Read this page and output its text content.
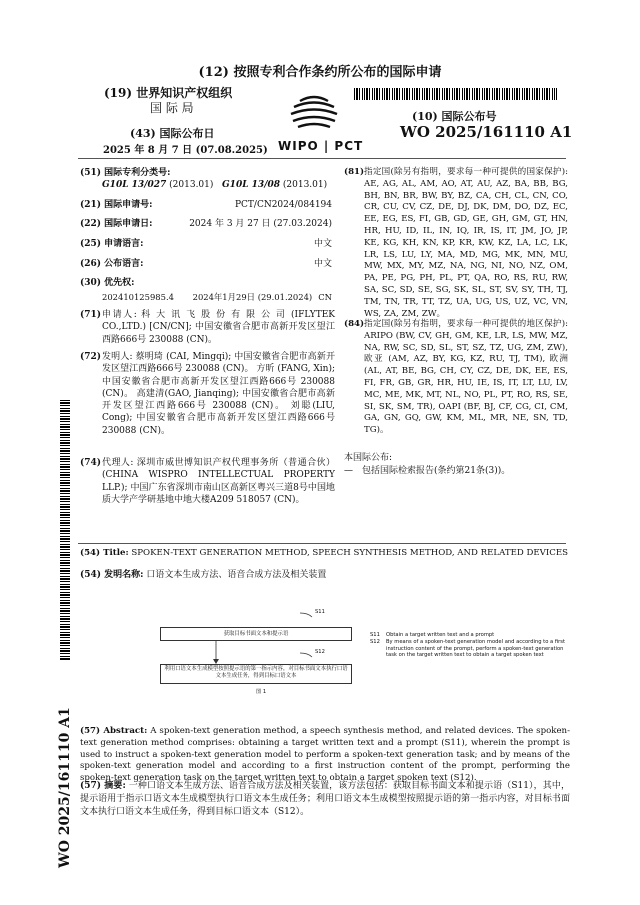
(12) 按照专利合作条约所公布的国际申请
(19) 世界知识产权组织
国 际 局
(43) 国际公布日
2025 年 8 月 7 日 (07.08.2025) WIPO | PCT
(10) 国际公布号
WO 2025/161110 A1
WO 2025/161110 A1
(51) 国际专利分类号:
G10L 13/027 (2013.01) G10L 13/08 (2013.01)
(21) 国际申请号:	PCT/CN2024/084194
(22) 国际申请日:	2024 年 3 月 27 日 (27.03.2024)
(25) 申请语言:	中文
(26) 公布语言:	中文
(30) 优先权:
202410125985.4 2024年1月29日 (29.01.2024) CN
(71) 申请人: 科 大 讯 飞 股 份 有 限 公 司 (IFLYTEK CO.,LTD.) [CN/CN]; 中国安徽省合肥市高新开发区望江西路666号 230088 (CN)。
(72) 发明人: 蔡明琦 (CAI, Mingqi); 中国安徽省合肥市高新开发区望江西路666号 230088 (CN)。 方昕 (FANG, Xin); 中国安徽省合肥市高新开发区望江西路666号 230088 (CN)。 高建清(GAO, Jianqing); 中国安徽省合肥市高新开发区望江西路666号 230088 (CN)。 刘聪(LIU, Cong); 中国安徽省合肥市高新开发区望江西路666号 230088 (CN)。
(74) 代理人: 深圳市威世博知识产权代理事务所（普通合伙）(CHINA WISPRO INTELLECTUAL PROPERTY LLP.); 中国广东省深圳市南山区高新区粤兴三道8号中国地质大学产学研基地中地大楼A209 518057 (CN)。
(81) 指定国(除另有指明，要求每一种可提供的国家保护): AE, AG, AL, AM, AO, AT, AU, AZ, BA, BB, BG, BH, BN, BR, BW, BY, BZ, CA, CH, CL, CN, CO, CR, CU, CV, CZ, DE, DJ, DK, DM, DO, DZ, EC, EE, EG, ES, FI, GB, GD, GE, GH, GM, GT, HN, HR, HU, ID, IL, IN, IQ, IR, IS, IT, JM, JO, JP, KE, KG, KH, KN, KP, KR, KW, KZ, LA, LC, LK, LR, LS, LU, LY, MA, MD, MG, MK, MN, MU, MW, MX, MY, MZ, NA, NG, NI, NO, NZ, OM, PA, PE, PG, PH, PL, PT, QA, RO, RS, RU, RW, SA, SC, SD, SE, SG, SK, SL, ST, SV, SY, TH, TJ, TM, TN, TR, TT, TZ, UA, UG, US, UZ, VC, VN, WS, ZA, ZM, ZW。
(84) 指定国(除另有指明，要求每一种可提供的地区保护): ARIPO (BW, CV, GH, GM, KE, LR, LS, MW, MZ, NA, RW, SC, SD, SL, ST, SZ, TZ, UG, ZM, ZW), 欧亚 (AM, AZ, BY, KG, KZ, RU, TJ, TM), 欧洲 (AL, AT, BE, BG, CH, CY, CZ, DE, DK, EE, ES, FI, FR, GB, GR, HR, HU, IE, IS, IT, LT, LU, LV, MC, ME, MK, MT, NL, NO, PL, PT, RO, RS, SE, SI, SK, SM, TR), OAPI (BF, BJ, CF, CG, CI, CM, GA, GN, GQ, GW, KM, ML, MR, NE, SN, TD, TG)。
本国际公布:
—　包括国际检索报告(条约第21条(3))。
(54) Title: SPOKEN-TEXT GENERATION METHOD, SPEECH SYNTHESIS METHOD, AND RELATED DEVICES
(54) 发明名称: 口语文本生成方法、语音合成方法及相关装置
S11
获取目标书面文本和提示语
S12
利用口语文本生成模型按照提示语的第一指示内容，对目标书面文本执行口语文本生成任务，得到目标口语文本
图 1
S11 Obtain a target written text and a prompt
S12 By means of a spoken-text generation model and according to a first instruction content of the prompt, perform a spoken-text generation task on the target written text to obtain a target spoken text
(57) Abstract: A spoken-text generation method, a speech synthesis method, and related devices. The spoken-text generation method comprises: obtaining a target written text and a prompt (S11), wherein the prompt is used to instruct a spoken-text generation model to perform a spoken-text generation task; and by means of the spoken-text generation model and according to a first instruction content of the prompt, performing the spoken-text generation task on the target written text to obtain a target spoken text (S12).
(57) 摘要: 一种口语文本生成方法、语音合成方法及相关装置，该方法包括：获取目标书面文本和提示语（S11），其中，提示语用于指示口语文本生成模型执行口语文本生成任务；利用口语文本生成模型按照提示语的第一指示内容，对目标书面文本执行口语文本生成任务，得到目标口语文本（S12）。
